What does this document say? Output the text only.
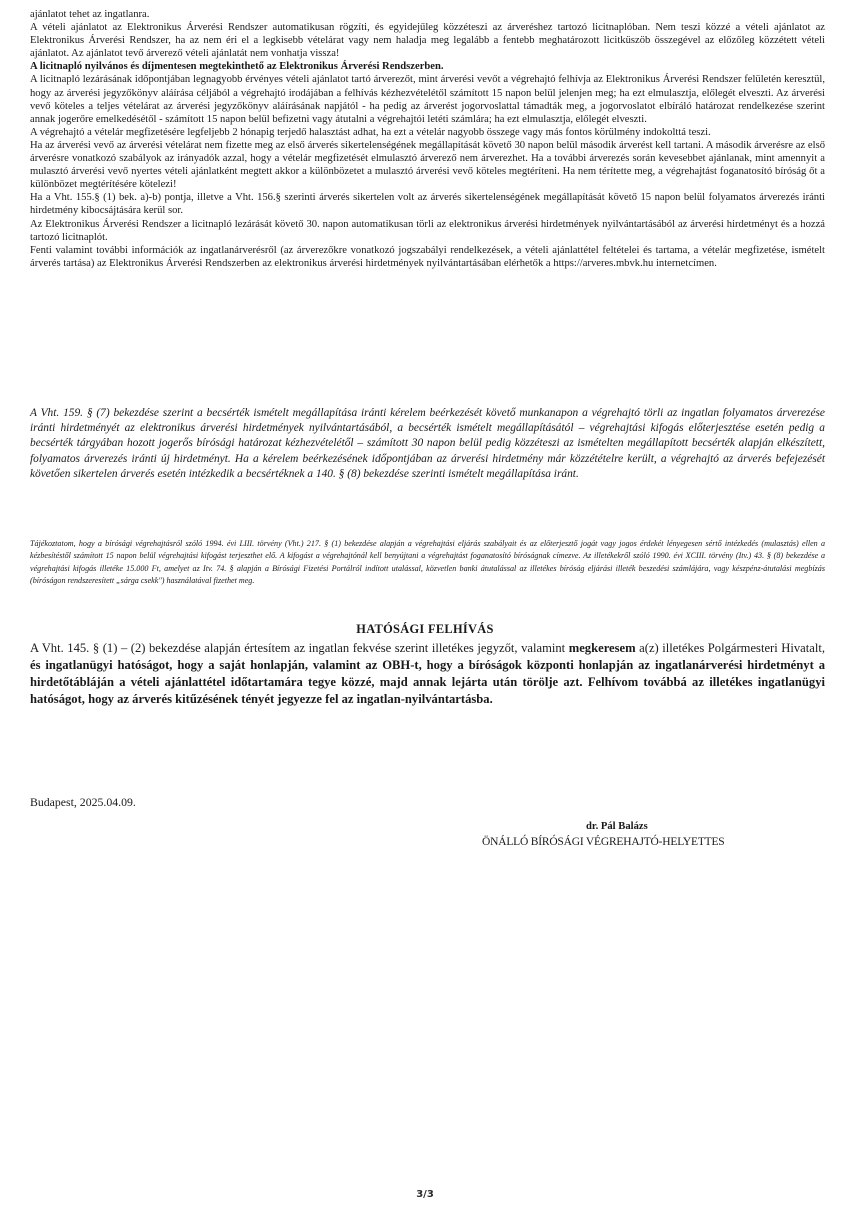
ajánlatot tehet az ingatlanra.

A vételi ajánlatot az Elektronikus Árverési Rendszer automatikusan rögzíti, és egyidejűleg közzéteszi az árveréshez tartozó licitnaplóban. Nem teszi közzé a vételi ajánlatot az Elektronikus Árverési Rendszer, ha az nem éri el a legkisebb vételárat vagy nem haladja meg legalább a fentebb meghatározott licitküszöb összegével az előzőleg közzétett vételi ajánlatot. Az ajánlatot tevő árverező vételi ajánlatát nem vonhatja vissza!

A licitnapló nyilvános és díjmentesen megtekinthető az Elektronikus Árverési Rendszerben.

A licitnapló lezárásának időpontjában legnagyobb érvényes vételi ajánlatot tartó árverezőt, mint árverési vevőt a végrehajtó felhívja az Elektronikus Árverési Rendszer felületén keresztül, hogy az árverési jegyzőkönyv aláírása céljából a végrehajtó irodájában a felhívás kézhezvételétől számított 15 napon belül jelenjen meg; ha ezt elmulasztja, előlegét elveszti. Az árverési vevő köteles a teljes vételárat az árverési jegyzőkönyv aláírásának napjától - ha pedig az árverést jogorvoslattal támadták meg, a jogorvoslatot elbíráló határozat rendelkezése szerint annak jogerőre emelkedésétől - számított 15 napon belül befizetni vagy átutalni a végrehajtói letéti számlára; ha ezt elmulasztja, előlegét elveszti.

A végrehajtó a vételár megfizetésére legfeljebb 2 hónapig terjedő halasztást adhat, ha ezt a vételár nagyobb összege vagy más fontos körülmény indokolttá teszi.

Ha az árverési vevő az árverési vételárat nem fizette meg az első árverés sikertelenségének megállapítását követő 30 napon belül második árverést kell tartani. A második árverésre az első árverésre vonatkozó szabályok az irányadók azzal, hogy a vételár megfizetését elmulasztó árverező nem árverezhet. Ha a további árverezés során kevesebbet ajánlanak, mint amennyit a mulasztó árverési vevő nyertes vételi ajánlatként megtett akkor a különbözetet a mulasztó árverési vevő köteles megtéríteni. Ha nem térítette meg, a végrehajtást foganatosító bíróság őt a különbözet megtérítésére kötelezi!

Ha a Vht. 155.§ (1) bek. a)-b) pontja, illetve a Vht. 156.§ szerinti árverés sikertelen volt az árverés sikertelenségének megállapítását követő 15 napon belül folyamatos árverezés iránti hirdetmény kibocsájtására kerül sor.

Az Elektronikus Árverési Rendszer a licitnapló lezárását követő 30. napon automatikusan törli az elektronikus árverési hirdetmények nyilvántartásából az árverési hirdetményt és a hozzá tartozó licitnaplót.

Fenti valamint további információk az ingatlanárverésről (az árverezőkre vonatkozó jogszabályi rendelkezések, a vételi ajánlattétel feltételei és tartama, a vételár megfizetése, ismételt árverés tartása) az Elektronikus Árverési Rendszerben az elektronikus árverési hirdetmények nyilvántartásában elérhetők a https://arveres.mbvk.hu internetcímen.

A Vht. 159. § (7) bekezdése szerint a becsérték ismételt megállapítása iránti kérelem beérkezését követő munkanapon a végrehajtó törli az ingatlan folyamatos árverezése iránti hirdetményét az elektronikus árverési hirdetmények nyilvántartásából, a becsérték ismételt megállapításától – végrehajtási kifogás előterjesztése esetén pedig a becsérték tárgyában hozott jogerős bírósági határozat kézhezvételétől – számított 30 napon belül pedig közzéteszi az ismételten megállapított becsérték alapján elkészített, folyamatos árverezés iránti új hirdetményt. Ha a kérelem beérkezésének időpontjában az árverési hirdetmény már közzétételre került, a végrehajtó az árverés befejezését követően sikertelen árverés esetén intézkedik a becsértéknek a 140. § (8) bekezdése szerinti ismételt megállapítása iránt.

Tájékoztatom, hogy a bírósági végrehajtásról szóló 1994. évi LIII. törvény (Vht.) 217. § (1) bekezdése alapján a végrehajtási eljárás szabályait és az előterjesztő jogát vagy jogos érdekét lényegesen sértő intézkedés (mulasztás) ellen a kézbesítéstől számított 15 napon belül végrehajtási kifogást terjeszthet elő. A kifogást a végrehajtónál kell benyújtani a végrehajtást foganatosító bíróságnak címezve. Az illetékekről szóló 1990. évi XCIII. törvény (Itv.) 43. § (8) bekezdése a végrehajtási kifogás illetéke 15.000 Ft, amelyet az Itv. 74. § alapján a Bírósági Fizetési Portálról indított utalással, közvetlen banki átutalással az illetékes bíróság eljárási illeték beszedési számlájára, vagy készpénz-átutalási megbízás (bíróságon rendszeresített „sárga csekk") használatával fizethet meg.

HATÓSÁGI FELHÍVÁS

A Vht. 145. § (1) – (2) bekezdése alapján értesítem az ingatlan fekvése szerint illetékes jegyzőt, valamint megkeresem a(z) illetékes Polgármesteri Hivatalt, és ingatlanügyi hatóságot, hogy a saját honlapján, valamint az OBH-t, hogy a bíróságok központi honlapján az ingatlanárverési hirdetményt a hirdetőtábláján a vételi ajánlattétel időtartamára tegye közzé, majd annak lejárta után törölje azt. Felhívom továbbá az illetékes ingatlanügyi hatóságot, hogy az árverés kitűzésének tényét jegyezze fel az ingatlan-nyilvántartásba.

Budapest, 2025.04.09.
dr. Pál Balázs
ÖNÁLLÓ BÍRÓSÁGI VÉGREHAJTÓ-HELYETTES
3/3
